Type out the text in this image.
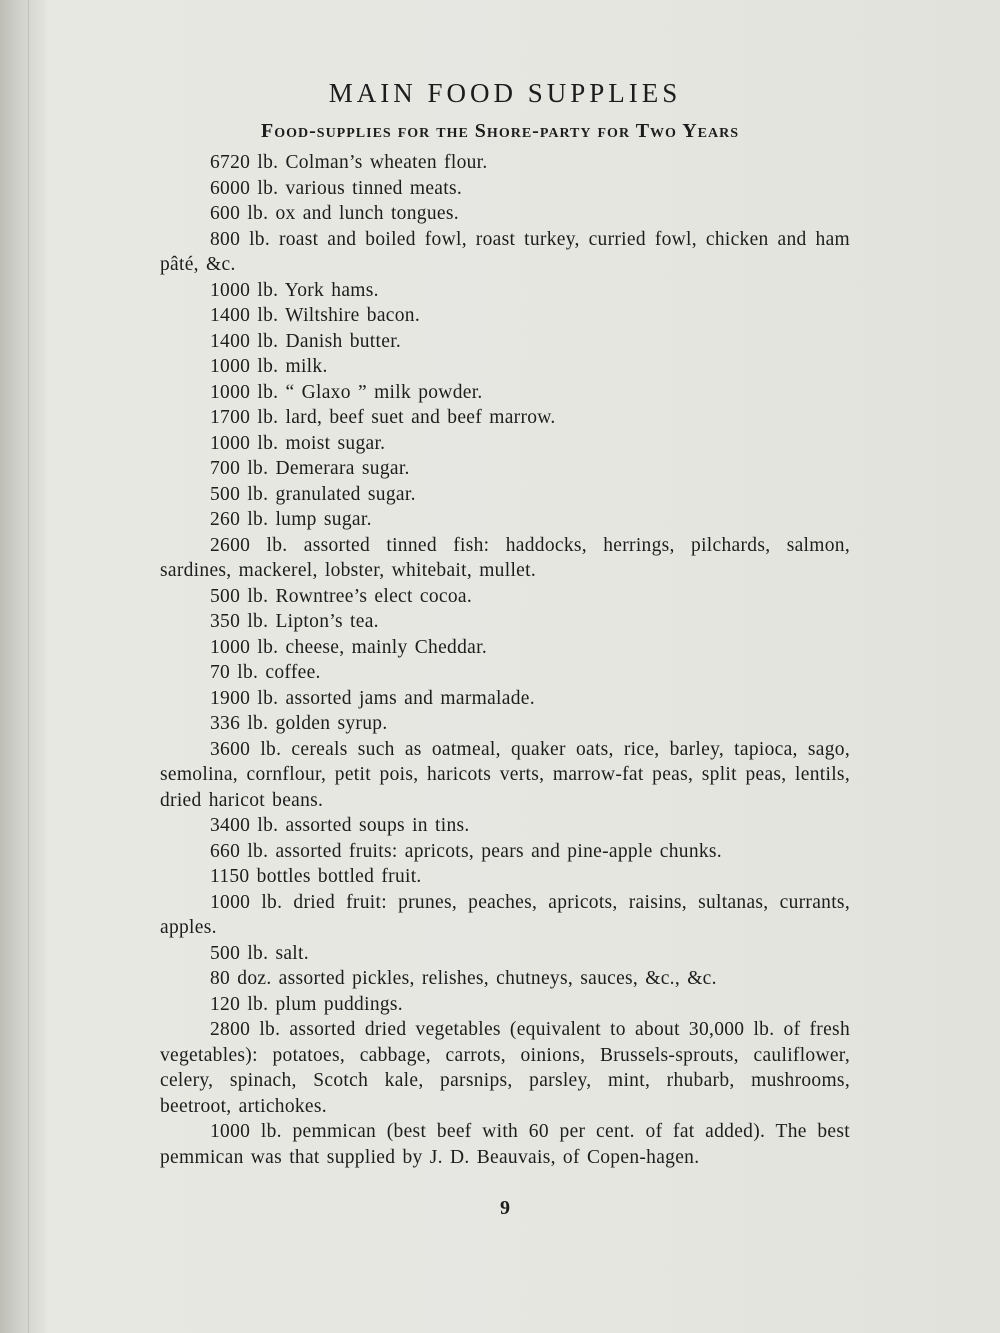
MAIN FOOD SUPPLIES
Food-supplies for the Shore-party for Two Years
6720 lb. Colman’s wheaten flour.
6000 lb. various tinned meats.
600 lb. ox and lunch tongues.
800 lb. roast and boiled fowl, roast turkey, curried fowl, chicken and ham pâté, &c.
1000 lb. York hams.
1400 lb. Wiltshire bacon.
1400 lb. Danish butter.
1000 lb. milk.
1000 lb. “ Glaxo ” milk powder.
1700 lb. lard, beef suet and beef marrow.
1000 lb. moist sugar.
700 lb. Demerara sugar.
500 lb. granulated sugar.
260 lb. lump sugar.
2600 lb. assorted tinned fish: haddocks, herrings, pilchards, salmon, sardines, mackerel, lobster, whitebait, mullet.
500 lb. Rowntree’s elect cocoa.
350 lb. Lipton’s tea.
1000 lb. cheese, mainly Cheddar.
70 lb. coffee.
1900 lb. assorted jams and marmalade.
336 lb. golden syrup.
3600 lb. cereals such as oatmeal, quaker oats, rice, barley, tapioca, sago, semolina, cornflour, petit pois, haricots verts, marrow-fat peas, split peas, lentils, dried haricot beans.
3400 lb. assorted soups in tins.
660 lb. assorted fruits: apricots, pears and pine-apple chunks.
1150 bottles bottled fruit.
1000 lb. dried fruit: prunes, peaches, apricots, raisins, sultanas, currants, apples.
500 lb. salt.
80 doz. assorted pickles, relishes, chutneys, sauces, &c., &c.
120 lb. plum puddings.
2800 lb. assorted dried vegetables (equivalent to about 30,000 lb. of fresh vegetables): potatoes, cabbage, carrots, oinions, Brussels-sprouts, cauliflower, celery, spinach, Scotch kale, parsnips, parsley, mint, rhubarb, mushrooms, beetroot, artichokes.
1000 lb. pemmican (best beef with 60 per cent. of fat added). The best pemmican was that supplied by J. D. Beauvais, of Copen-hagen.
9
